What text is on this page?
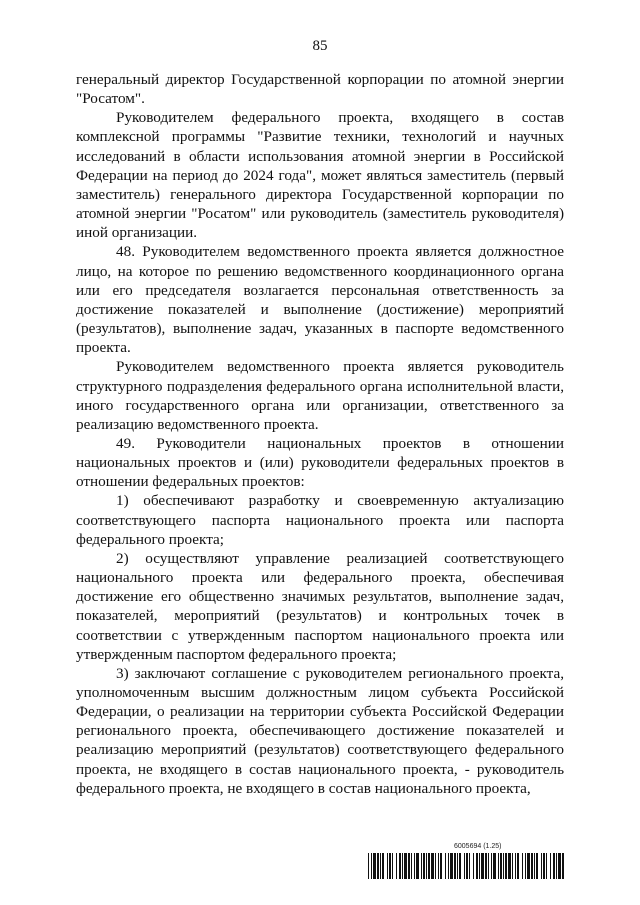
85

генеральный директор Государственной корпорации по атомной энергии "Росатом".

Руководителем федерального проекта, входящего в состав комплексной программы "Развитие техники, технологий и научных исследований в области использования атомной энергии в Российской Федерации на период до 2024 года", может являться заместитель (первый заместитель) генерального директора Государственной корпорации по атомной энергии "Росатом" или руководитель (заместитель руководителя) иной организации.

48. Руководителем ведомственного проекта является должностное лицо, на которое по решению ведомственного координационного органа или его председателя возлагается персональная ответственность за достижение показателей и выполнение (достижение) мероприятий (результатов), выполнение задач, указанных в паспорте ведомственного проекта.

Руководителем ведомственного проекта является руководитель структурного подразделения федерального органа исполнительной власти, иного государственного органа или организации, ответственного за реализацию ведомственного проекта.

49. Руководители национальных проектов в отношении национальных проектов и (или) руководители федеральных проектов в отношении федеральных проектов:

1) обеспечивают разработку и своевременную актуализацию соответствующего паспорта национального проекта или паспорта федерального проекта;

2) осуществляют управление реализацией соответствующего национального проекта или федерального проекта, обеспечивая достижение его общественно значимых результатов, выполнение задач, показателей, мероприятий (результатов) и контрольных точек в соответствии с утвержденным паспортом национального проекта или утвержденным паспортом федерального проекта;

3) заключают соглашение с руководителем регионального проекта, уполномоченным высшим должностным лицом субъекта Российской Федерации, о реализации на территории субъекта Российской Федерации регионального проекта, обеспечивающего достижение показателей и реализацию мероприятий (результатов) соответствующего федерального проекта, не входящего в состав национального проекта, - руководитель федерального проекта, не входящего в состав национального проекта,

6005694 (1.25)
